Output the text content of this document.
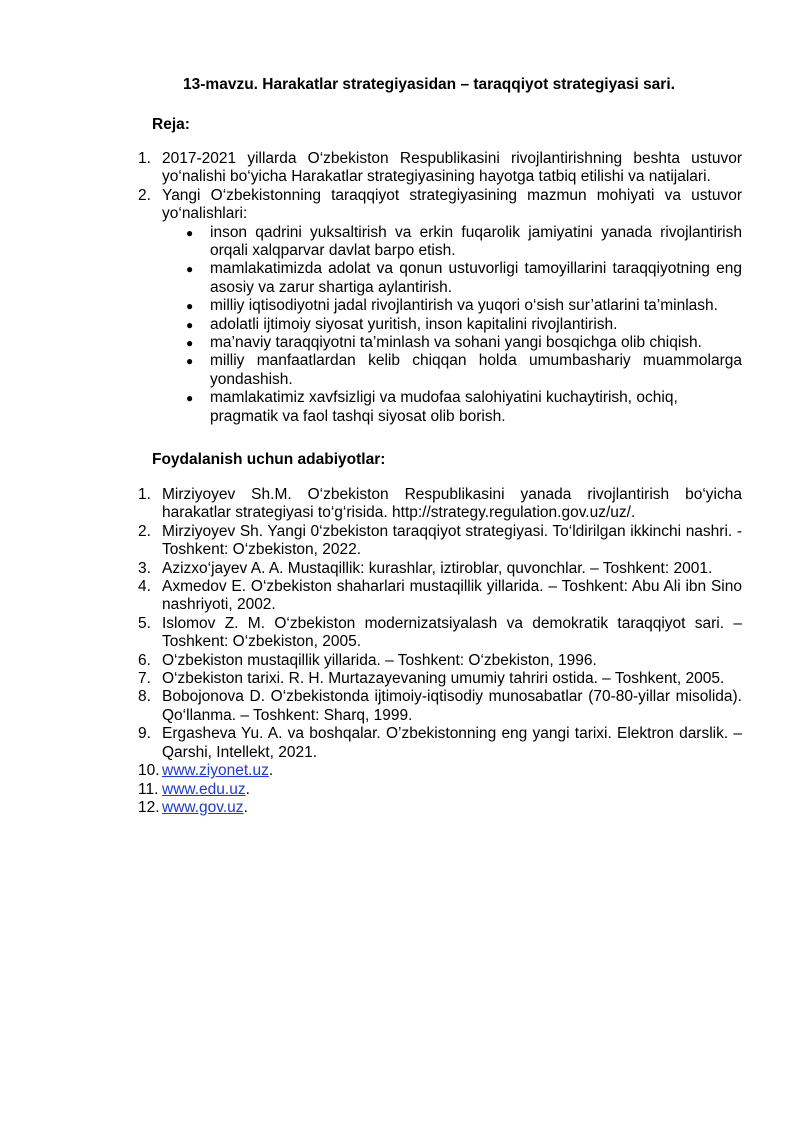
13-mavzu. Harakatlar strategiyasidan – taraqqiyot strategiyasi sari.
Reja:
1. 2017-2021 yillarda O‘zbekiston Respublikasini rivojlantirishning beshta ustuvor yo‘nalishi bo‘yicha Harakatlar strategiyasining hayotga tatbiq etilishi va natijalari.
2. Yangi O‘zbekistonning taraqqiyot strategiyasining mazmun mohiyati va ustuvor yo‘nalishlari:
● inson qadrini yuksaltirish va erkin fuqarolik jamiyatini yanada rivojlantirish orqali xalqparvar davlat barpo etish.
● mamlakatimizda adolat va qonun ustuvorligi tamoyillarini taraqqiyotning eng asosiy va zarur shartiga aylantirish.
● milliy iqtisodiyotni jadal rivojlantirish va yuqori o‘sish sur’atlarini ta’minlash.
● adolatli ijtimoiy siyosat yuritish, inson kapitalini rivojlantirish.
● ma’naviy taraqqiyotni ta’minlash va sohani yangi bosqichga olib chiqish.
● milliy manfaatlardan kelib chiqqan holda umumbashariy muammolarga yondashish.
● mamlakatimiz xavfsizligi va mudofaa salohiyatini kuchaytirish, ochiq, pragmatik va faol tashqi siyosat olib borish.
Foydalanish uchun adabiyotlar:
1. Mirziyoyev Sh.M. O‘zbekiston Respublikasini yanada rivojlantirish bo‘yicha harakatlar strategiyasi to‘g‘risida. http://strategy.regulation.gov.uz/uz/.
2. Mirziyoyev Sh. Yangi 0‘zbekiston taraqqiyot strategiyasi. To‘ldirilgan ikkinchi nashri. - Toshkent: O‘zbekiston, 2022.
3. Azizxo‘jayev A. A. Mustaqillik: kurashlar, iztiroblar, quvonchlar. – Toshkent: 2001.
4. Axmedov E. O‘zbekiston shaharlari mustaqillik yillarida. – Toshkent: Abu Ali ibn Sino nashriyoti, 2002.
5. Islomov Z. M. O‘zbekiston modernizatsiyalash va demokratik taraqqiyot sari. – Toshkent: O‘zbekiston, 2005.
6. O‘zbekiston mustaqillik yillarida. – Toshkent: O‘zbekiston, 1996.
7. O‘zbekiston tarixi. R. H. Murtazayevaning umumiy tahriri ostida. – Toshkent, 2005.
8. Bobojonova D. O‘zbekistonda ijtimoiy-iqtisodiy munosabatlar (70-80-yillar misolida). Qo‘llanma. – Toshkent: Sharq, 1999.
9. Ergasheva Yu. A. va boshqalar. O’zbekistonning eng yangi tarixi. Elektron darslik. – Qarshi, Intellekt, 2021.
10. www.ziyonet.uz.
11. www.edu.uz.
12. www.gov.uz.
